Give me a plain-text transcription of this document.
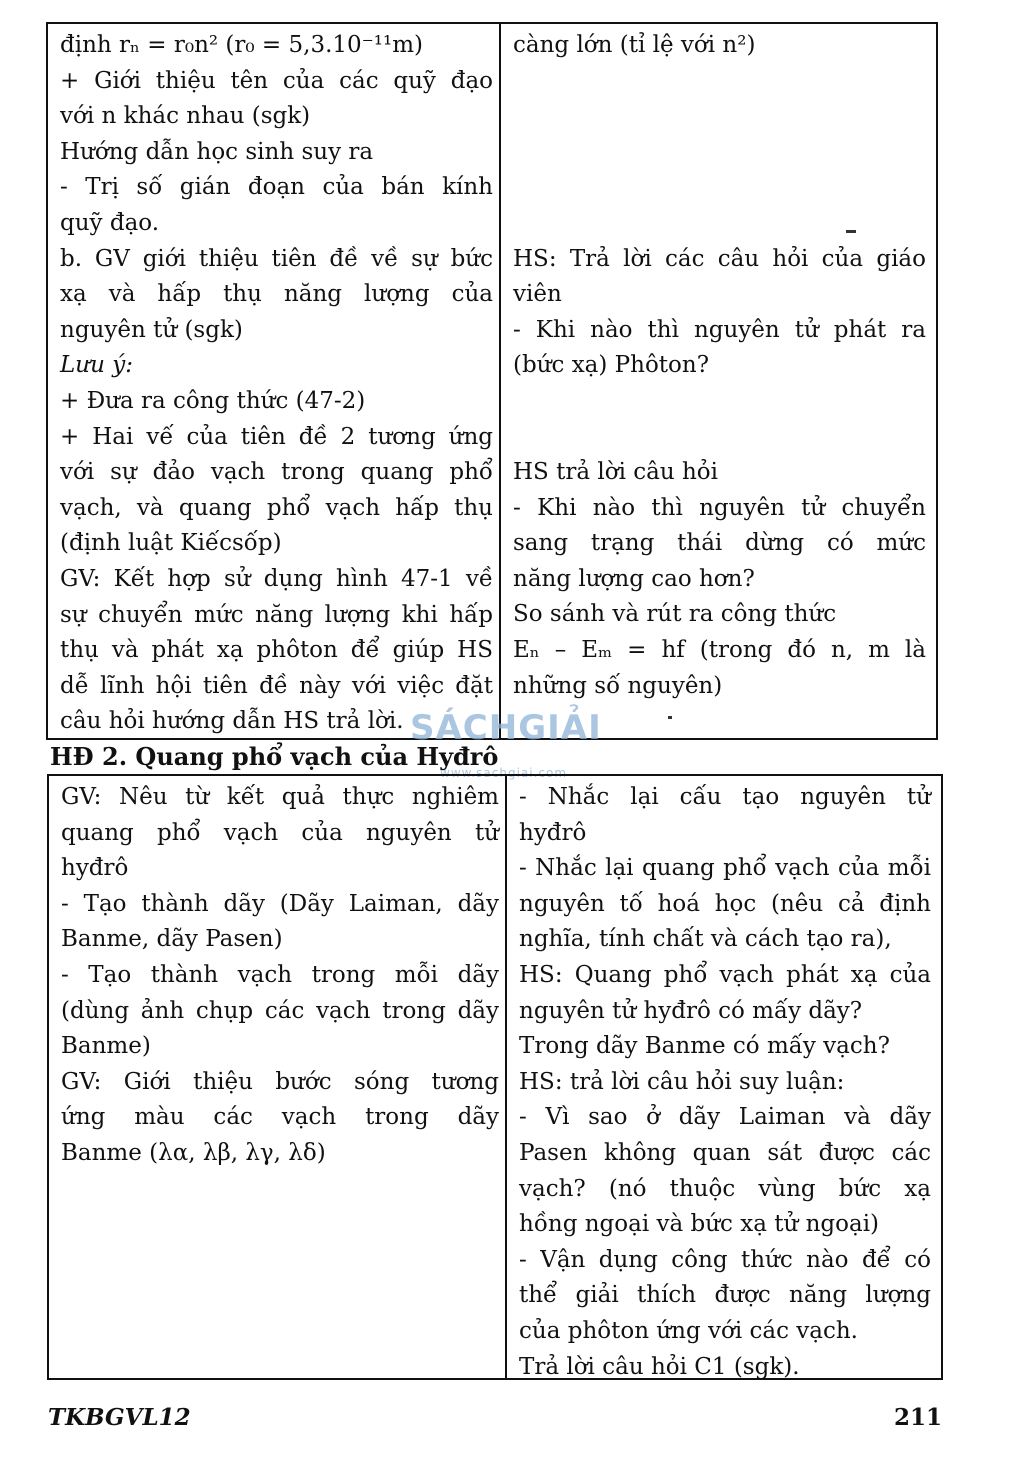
định rₙ = r₀n² (r₀ = 5,3.10⁻¹¹m)
+ Giới thiệu tên của các quỹ đạo
với n khác nhau (sgk)
Hướng dẫn học sinh suy ra
- Trị số gián đoạn của bán kính
quỹ đạo.
b. GV giới thiệu tiên đề về sự bức
xạ và hấp thụ năng lượng của
nguyên tử (sgk)
Lưu ý:
+ Đưa ra công thức (47-2)
+ Hai vế của tiên đề 2 tương ứng
với sự đảo vạch trong quang phổ
vạch, và quang phổ vạch hấp thụ
(định luật Kiếcsốp)
GV: Kết hợp sử dụng hình 47-1 về
sự chuyển mức năng lượng khi hấp
thụ và phát xạ phôton để giúp HS
dễ lĩnh hội tiên đề này với việc đặt
câu hỏi hướng dẫn HS trả lời.
càng lớn (tỉ lệ với n²)
HS: Trả lời các câu hỏi của giáo
viên
- Khi nào thì nguyên tử phát ra
(bức xạ) Phôton?
HS trả lời câu hỏi
- Khi nào thì nguyên tử chuyển
sang trạng thái dừng có mức
năng lượng cao hơn?
So sánh và rút ra công thức
Eₙ – Eₘ = hf (trong đó n, m là
những số nguyên)
HĐ 2. Quang phổ vạch của Hyđrô
SÁCHGIẢI
www.sachgiai.com
GV: Nêu từ kết quả thực nghiêm
quang phổ vạch của nguyên tử
hyđrô
- Tạo thành dãy (Dãy Laiman, dãy
Banme, dãy Pasen)
- Tạo thành vạch trong mỗi dãy
(dùng ảnh chụp các vạch trong dãy
Banme)
GV: Giới thiệu bước sóng tương
ứng màu các vạch trong dãy
Banme (λα, λβ, λγ, λδ)
- Nhắc lại cấu tạo nguyên tử
hyđrô
- Nhắc lại quang phổ vạch của mỗi
nguyên tố hoá học (nêu cả định
nghĩa, tính chất và cách tạo ra),
HS: Quang phổ vạch phát xạ của
nguyên tử hyđrô có mấy dãy?
Trong dãy Banme có mấy vạch?
HS: trả lời câu hỏi suy luận:
- Vì sao ở dãy Laiman và dãy
Pasen không quan sát được các
vạch? (nó thuộc vùng bức xạ
hồng ngoại và bức xạ tử ngoại)
- Vận dụng công thức nào để có
thể giải thích được năng lượng
của phôton ứng với các vạch.
Trả lời câu hỏi C1 (sgk).
TKBGVL12	211
